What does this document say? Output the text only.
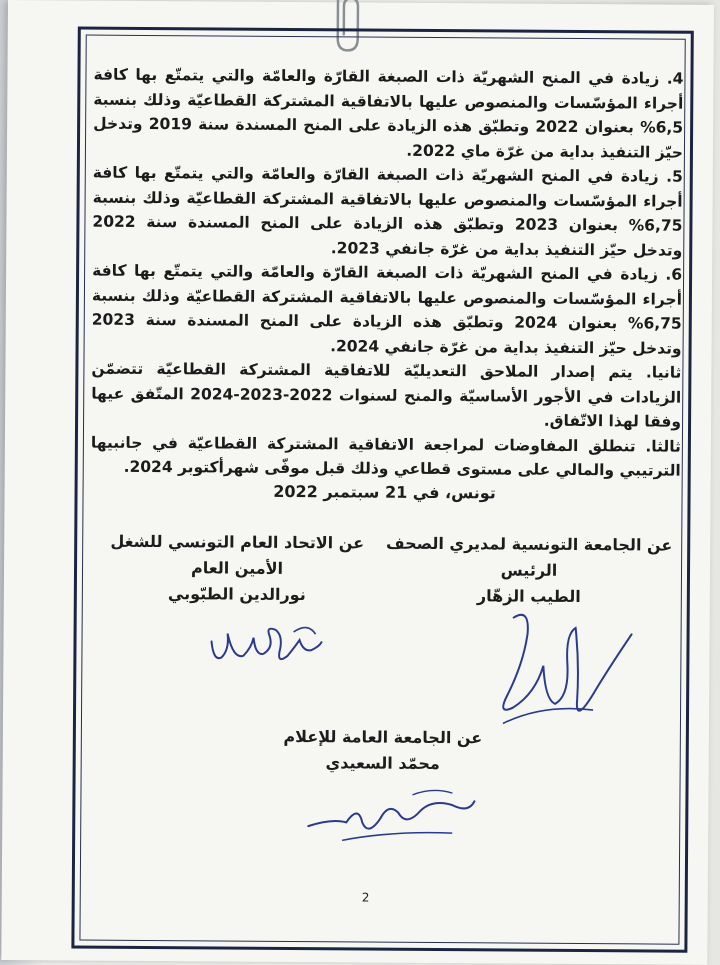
4. زيادة في المنح الشهريّة ذات الصبغة القارّة والعامّة والتي يتمتّع بها كافة أجراء المؤسّسات والمنصوص عليها بالاتفاقية المشتركة القطاعيّة وذلك بنسبة 6,5% بعنوان 2022 وتطبّق هذه الزيادة على المنح المسندة سنة 2019 وتدخل حيّز التنفيذ بداية من غرّة ماي 2022.

5. زيادة في المنح الشهريّة ذات الصبغة القارّة والعامّة والتي يتمتّع بها كافة أجراء المؤسّسات والمنصوص عليها بالاتفاقية المشتركة القطاعيّة وذلك بنسبة 6,75% بعنوان 2023 وتطبّق هذه الزيادة على المنح المسندة سنة 2022 وتدخل حيّز التنفيذ بداية من غرّة جانفي 2023.

6. زيادة في المنح الشهريّة ذات الصبغة القارّة والعامّة والتي يتمتّع بها كافة أجراء المؤسّسات والمنصوص عليها بالاتفاقية المشتركة القطاعيّة وذلك بنسبة 6,75% بعنوان 2024 وتطبّق هذه الزيادة على المنح المسندة سنة 2023 وتدخل حيّز التنفيذ بداية من غرّة جانفي 2024.

ثانيا. يتم إصدار الملاحق التعديليّة للاتفاقية المشتركة القطاعيّة تتضمّن الزيادات في الأجور الأساسيّة والمنح لسنوات 2022-2023-2024 المتّفق عيها وفقا لهذا الاتّفاق.

ثالثا. تنطلق المفاوضات لمراجعة الاتفاقية المشتركة القطاعيّة في جانبيها الترتيبي والمالي على مستوى قطاعي وذلك قبل موفّى شهرأكتوبر 2024.

تونس، في 21 سبتمبر 2022
عن الجامعة التونسية لمديري الصحف
الرئيس
الطيب الزهّار
عن الاتحاد العام التونسي للشغل
الأمين العام
نورالدين الطبّوبي
عن الجامعة العامة للإعلام
محمّد السعيدي
2
